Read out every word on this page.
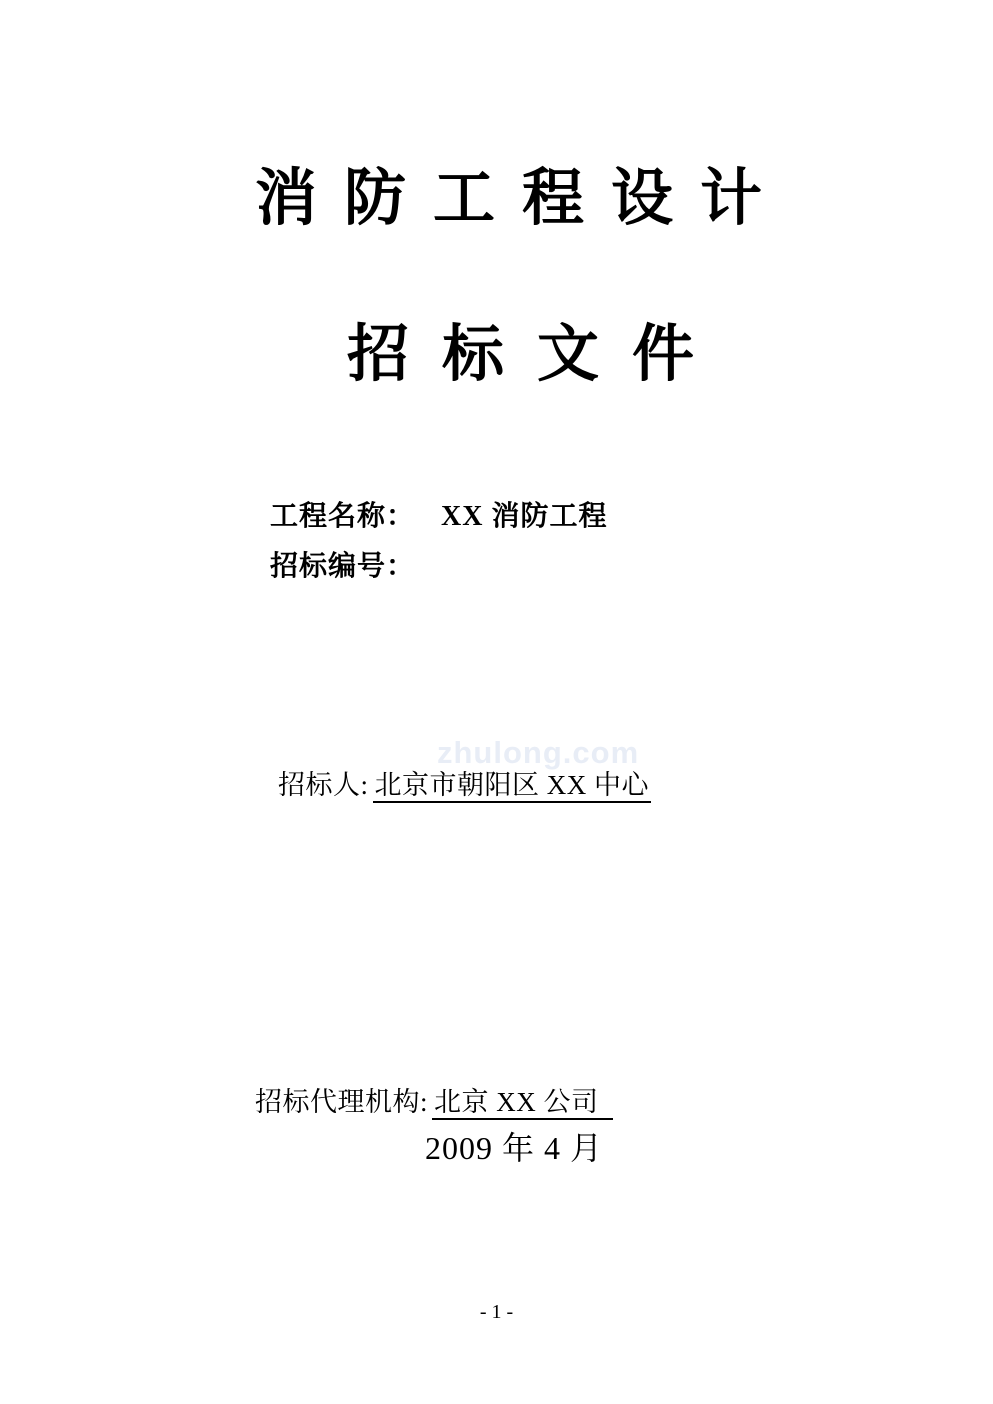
消防工程设计
招标文件
工程名称： XX 消防工程
招标编号：
zhulong.com
招标人: 北京市朝阳区 XX 中心
招标代理机构: 北京 XX 公司
2009 年 4 月
- 1 -
